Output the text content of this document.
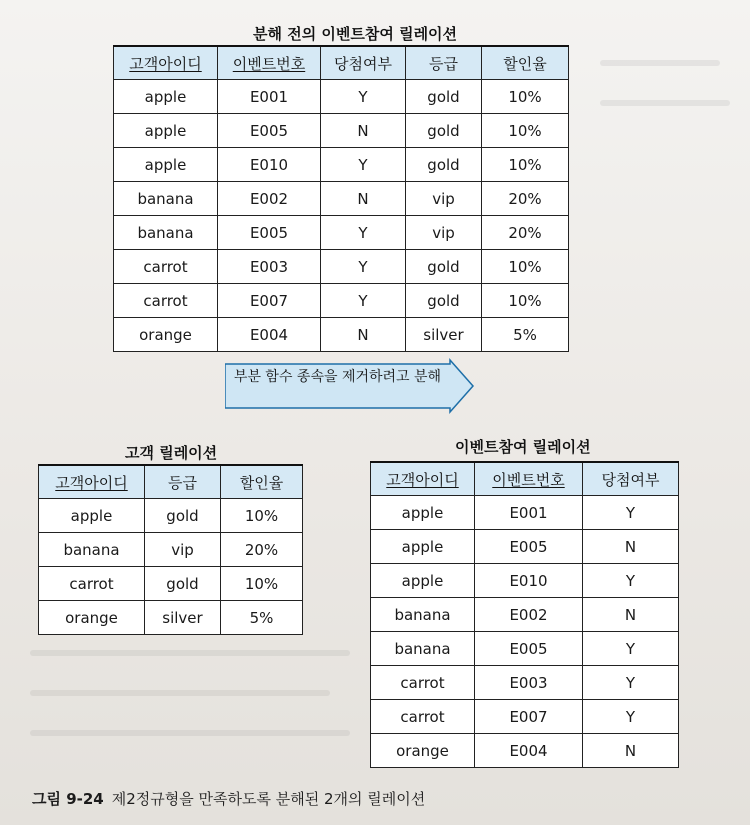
분해 전의 이벤트참여 릴레이션
고객아이디	이벤트번호	당첨여부	등급	할인율
apple	E001	Y	gold	10%
apple	E005	N	gold	10%
apple	E010	Y	gold	10%
banana	E002	N	vip	20%
banana	E005	Y	vip	20%
carrot	E003	Y	gold	10%
carrot	E007	Y	gold	10%
orange	E004	N	silver	5%
부분 함수 종속을 제거하려고 분해
고객 릴레이션
고객아이디	등급	할인율
apple	gold	10%
banana	vip	20%
carrot	gold	10%
orange	silver	5%
이벤트참여 릴레이션
고객아이디	이벤트번호	당첨여부
apple	E001	Y
apple	E005	N
apple	E010	Y
banana	E002	N
banana	E005	Y
carrot	E003	Y
carrot	E007	Y
orange	E004	N
그림 9-24 제2정규형을 만족하도록 분해된 2개의 릴레이션
